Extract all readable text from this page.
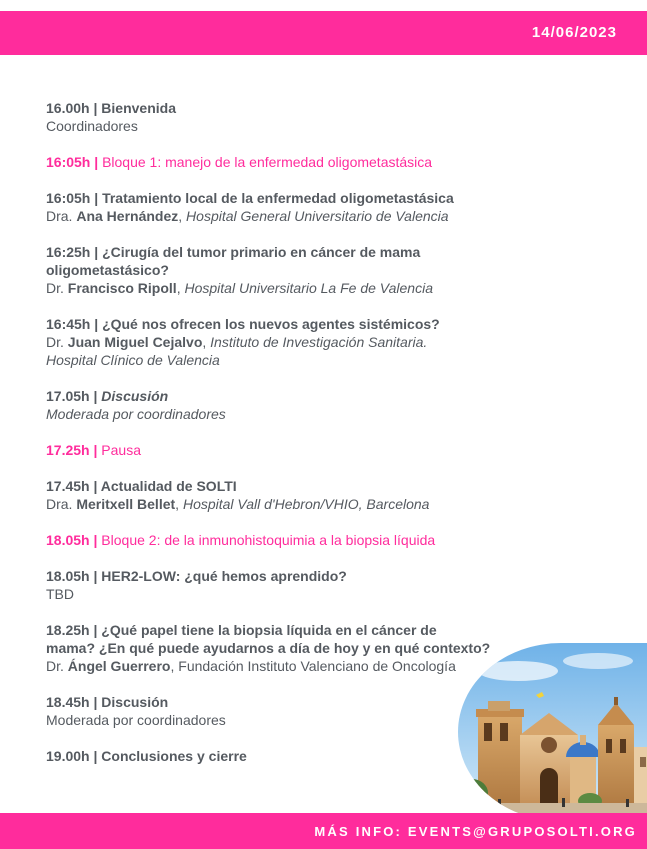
14/06/2023
16.00h | Bienvenida
Coordinadores
16:05h | Bloque 1: manejo de la enfermedad oligometastásica
16:05h | Tratamiento local de la enfermedad oligometastásica
Dra. Ana Hernández, Hospital General Universitario de Valencia
16:25h | ¿Cirugía del tumor primario en cáncer de mama
oligometastásico?
Dr. Francisco Ripoll, Hospital Universitario La Fe de Valencia
16:45h | ¿Qué nos ofrecen los nuevos agentes sistémicos?
Dr. Juan Miguel Cejalvo, Instituto de Investigación Sanitaria.
Hospital Clínico de Valencia
17.05h | Discusión
Moderada por coordinadores
17.25h | Pausa
17.45h | Actualidad de SOLTI
Dra. Meritxell Bellet, Hospital Vall d'Hebron/VHIO, Barcelona
18.05h | Bloque 2: de la inmunohistoquimia a la biopsia líquida
18.05h | HER2-LOW: ¿qué hemos aprendido?
TBD
18.25h | ¿Qué papel tiene la biopsia líquida en el cáncer de
mama? ¿En qué puede ayudarnos a día de hoy y en qué contexto?
Dr. Ángel Guerrero, Fundación Instituto Valenciano de Oncología
18.45h | Discusión
Moderada por coordinadores
19.00h | Conclusiones y cierre
MÁS INFO: EVENTS@GRUPOSOLTI.ORG
